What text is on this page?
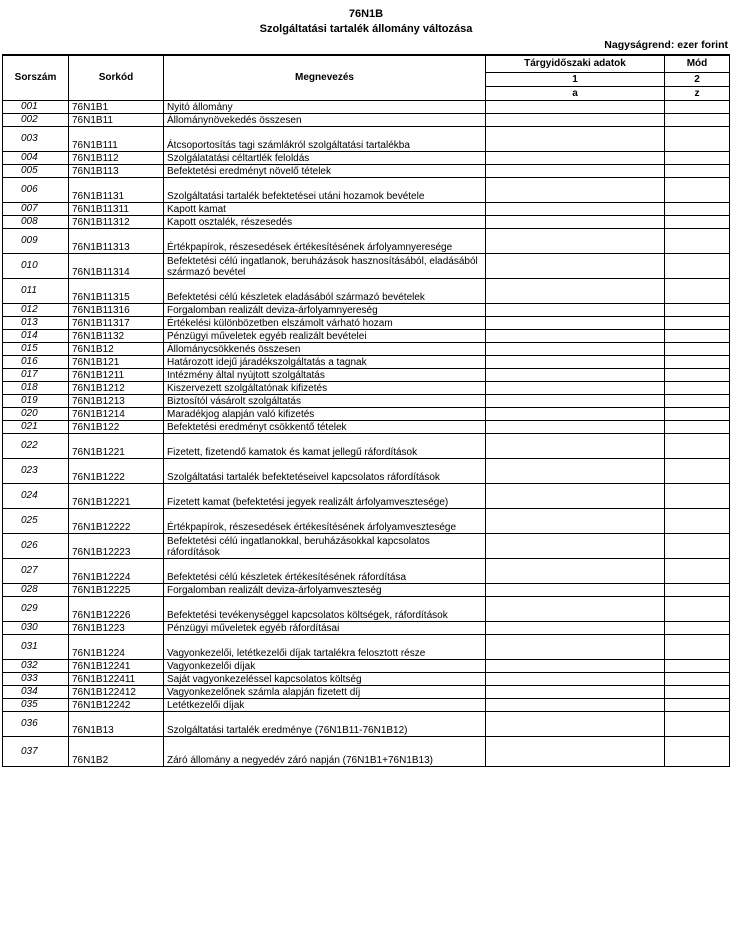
76N1B
Szolgáltatási tartalék állomány változása
Nagyságrend: ezer forint
Sorszám	Sorkód	Megnevezés	Tárgyidőszaki adatok	Mód
			1	2
			a	z
001	76N1B1	Nyitó állomány		
002	76N1B11	Állománynövekedés összesen		
003	76N1B111	Átcsoportosítás tagi számlákról szolgáltatási tartalékba		
004	76N1B112	Szolgálatatási céltartlék feloldás		
005	76N1B113	Befektetési eredményt növelő tételek		
006	76N1B1131	Szolgáltatási tartalék befektetései utáni hozamok bevétele		
007	76N1B11311	Kapott kamat		
008	76N1B11312	Kapott osztalék, részesedés		
009	76N1B11313	Értékpapírok, részesedések értékesítésének árfolyamnyeresége		
010	76N1B11314	Befektetési célú ingatlanok, beruházások hasznosításából, eladásából származó bevétel		
011	76N1B11315	Befektetési célú készletek eladásából származó bevételek		
012	76N1B11316	Forgalomban realizált deviza-árfolyamnyereség		
013	76N1B11317	Értékelési különbözetben elszámolt várható hozam		
014	76N1B1132	Pénzügyi műveletek egyéb realizált bevételei		
015	76N1B12	Állománycsökkenés összesen		
016	76N1B121	Határozott idejű járadékszolgáltatás a tagnak		
017	76N1B1211	Intézmény által nyújtott szolgáltatás		
018	76N1B1212	Kiszervezett szolgáltatónak kifizetés		
019	76N1B1213	Biztosítól vásárolt szolgáltatás		
020	76N1B1214	Maradékjog alapján való kifizetés		
021	76N1B122	Befektetési eredményt csökkentő tételek		
022	76N1B1221	Fizetett, fizetendő kamatok és kamat jellegű ráfordítások		
023	76N1B1222	Szolgáltatási tartalék befektetéseivel kapcsolatos ráfordítások		
024	76N1B12221	Fizetett kamat (befektetési jegyek realizált árfolyamvesztesége)		
025	76N1B12222	Értékpapírok, részesedések értékesítésének árfolyamvesztesége		
026	76N1B12223	Befektetési célú ingatlanokkal, beruházásokkal kapcsolatos ráfordítások		
027	76N1B12224	Befektetési célú készletek értékesítésének ráfordítása		
028	76N1B12225	Forgalomban realizált deviza-árfolyamveszteség		
029	76N1B12226	Befektetési tevékenységgel kapcsolatos költségek, ráfordítások		
030	76N1B1223	Pénzügyi műveletek egyéb ráfordításai		
031	76N1B1224	Vagyonkezelői, letétkezelői díjak tartalékra felosztott része		
032	76N1B12241	Vagyonkezelői díjak		
033	76N1B122411	Saját vagyonkezeléssel kapcsolatos költség		
034	76N1B122412	Vagyonkezelőnek számla alapján fizetett díj		
035	76N1B12242	Letétkezelői díjak		
036	76N1B13	Szolgáltatási tartalék eredménye (76N1B11-76N1B12)		
037	76N1B2	Záró állomány a negyedév záró napján (76N1B1+76N1B13)		
